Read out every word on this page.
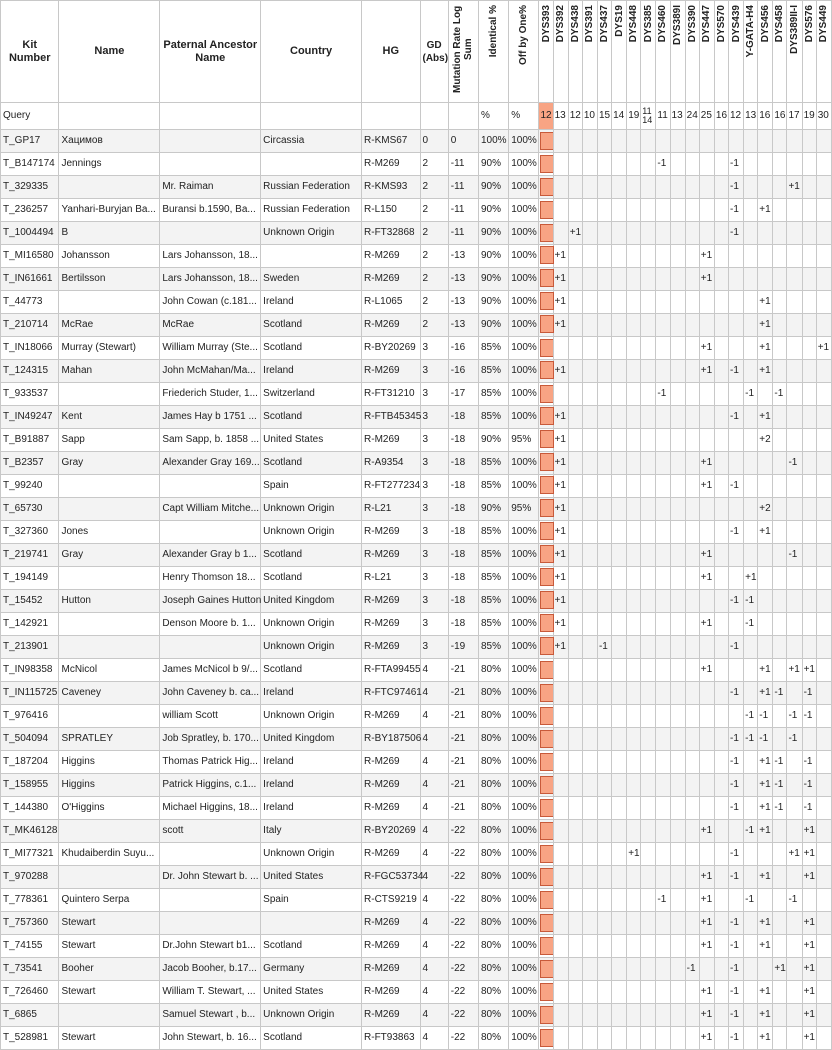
Kit Number	Name	Paternal Ancestor Name	Country	HG	GD (Abs)	Mutation Rate Log Sum	Identical %	Off by One%	DYS393	DYS392	DYS438	DYS391	DYS437	DYS19	DYS448	DYS385	DYS460	DYS389I	DYS390	DYS447	DYS570	DYS439	Y-GATA-H4	DYS456	DYS458	DYS389II-I	DYS576	DYS449

Query							%	%	12	13	12	10	15	14	19	11 14	11	13	24	25	16	12	13	16	16	17	19	30
T_GP17	Хацимов		Circassia	R-KMS67	0	0	100%	100%	

T_B147174	Jennings			R-M269	2	-11	90%	100%									-1					-1						
T_329335		Mr. Raiman	Russian Federation	R-KMS93	2	-11	90%	100%														-1				+1		
T_236257	Yanhari-Buryjan Ba...	Buransi b.1590, Ba...	Russian Federation	R-L150	2	-11	90%	100%														-1		+1				
T_1004494	B		Unknown Origin	R-FT32868	2	-11	90%	100%			+1											-1						
T_MI16580	Johansson	Lars Johansson, 18...		R-M269	2	-13	90%	100%	+1											+1								
T_IN61661	Bertilsson	Lars Johansson, 18...	Sweden	R-M269	2	-13	90%	100%	+1											+1								
T_44773		John Cowan (c.181...	Ireland	R-L1065	2	-13	90%	100%	+1															+1				
T_210714	McRae	McRae	Scotland	R-M269	2	-13	90%	100%	+1															+1				
T_IN18066	Murray (Stewart)	William Murray (Ste...	Scotland	R-BY20269	3	-16	85%	100%												+1				+1				+1
T_124315	Mahan	John McMahan/Ma...	Ireland	R-M269	3	-16	85%	100%	+1											+1		-1		+1				
T_933537		Friederich Studer, 1...	Switzerland	R-FT31210	3	-17	85%	100%									-1						-1		-1			
T_IN49247	Kent	James Hay b 1751 ...	Scotland	R-FTB45345	3	-18	85%	100%	+1													-1		+1				
T_B91887	Sapp	Sam Sapp, b. 1858 ...	United States	R-M269	3	-18	90%	95%	+1															+2				
T_B2357	Gray	Alexander Gray 169...	Scotland	R-A9354	3	-18	85%	100%	+1											+1						-1		
T_99240			Spain	R-FT277234	3	-18	85%	100%	+1											+1		-1						
T_65730		Capt William Mitche...	Unknown Origin	R-L21	3	-18	90%	95%	+1															+2				
T_327360	Jones		Unknown Origin	R-M269	3	-18	85%	100%	+1													-1		+1				
T_219741	Gray	Alexander Gray b 1...	Scotland	R-M269	3	-18	85%	100%	+1											+1						-1		
T_194149		Henry Thomson 18...	Scotland	R-L21	3	-18	85%	100%	+1											+1			+1					
T_15452	Hutton	Joseph Gaines Hutton	United Kingdom	R-M269	3	-18	85%	100%	+1													-1	-1					
T_142921		Denson Moore b. 1...	Unknown Origin	R-M269	3	-18	85%	100%	+1											+1			-1					
T_213901			Unknown Origin	R-M269	3	-19	85%	100%	+1				-1									-1						
T_IN98358	McNicol	James McNicol b 9/...	Scotland	R-FTA99455	4	-21	80%	100%												+1				+1		+1	+1	
T_IN115725	Caveney	John Caveney b. ca...	Ireland	R-FTC97461	4	-21	80%	100%														-1		+1	-1		-1	
T_976416		william Scott	Unknown Origin	R-M269	4	-21	80%	100%															-1	-1		-1	-1	
T_504094	SPRATLEY	Job Spratley, b. 170...	United Kingdom	R-BY187506	4	-21	80%	100%														-1	-1	-1		-1		
T_187204	Higgins	Thomas Patrick Hig...	Ireland	R-M269	4	-21	80%	100%														-1		+1	-1		-1	
T_158955	Higgins	Patrick Higgins, c.1...	Ireland	R-M269	4	-21	80%	100%														-1		+1	-1		-1	
T_144380	O'Higgins	Michael Higgins, 18...	Ireland	R-M269	4	-21	80%	100%														-1		+1	-1		-1	
T_MK46128		scott	Italy	R-BY20269	4	-22	80%	100%												+1			-1	+1			+1	
T_MI77321	Khudaiberdin Suyu...		Unknown Origin	R-M269	4	-22	80%	100%							+1							-1				+1	+1	
T_970288		Dr. John Stewart b. ...	United States	R-FGC53734	4	-22	80%	100%												+1		-1		+1			+1	
T_778361	Quintero Serpa		Spain	R-CTS9219	4	-22	80%	100%									-1			+1			-1			-1		
T_757360	Stewart			R-M269	4	-22	80%	100%												+1		-1		+1			+1	
T_74155	Stewart	Dr.John Stewart b1...	Scotland	R-M269	4	-22	80%	100%												+1		-1		+1			+1	
T_73541	Booher	Jacob Booher, b.17...	Germany	R-M269	4	-22	80%	100%											-1			-1			+1		+1	
T_726460	Stewart	William T. Stewart, ...	United States	R-M269	4	-22	80%	100%												+1		-1		+1			+1	
T_6865		Samuel Stewart , b...	Unknown Origin	R-M269	4	-22	80%	100%												+1		-1		+1			+1	
T_528981	Stewart	John Stewart, b. 16...	Scotland	R-FT93863	4	-22	80%	100%												+1		-1		+1			+1	
